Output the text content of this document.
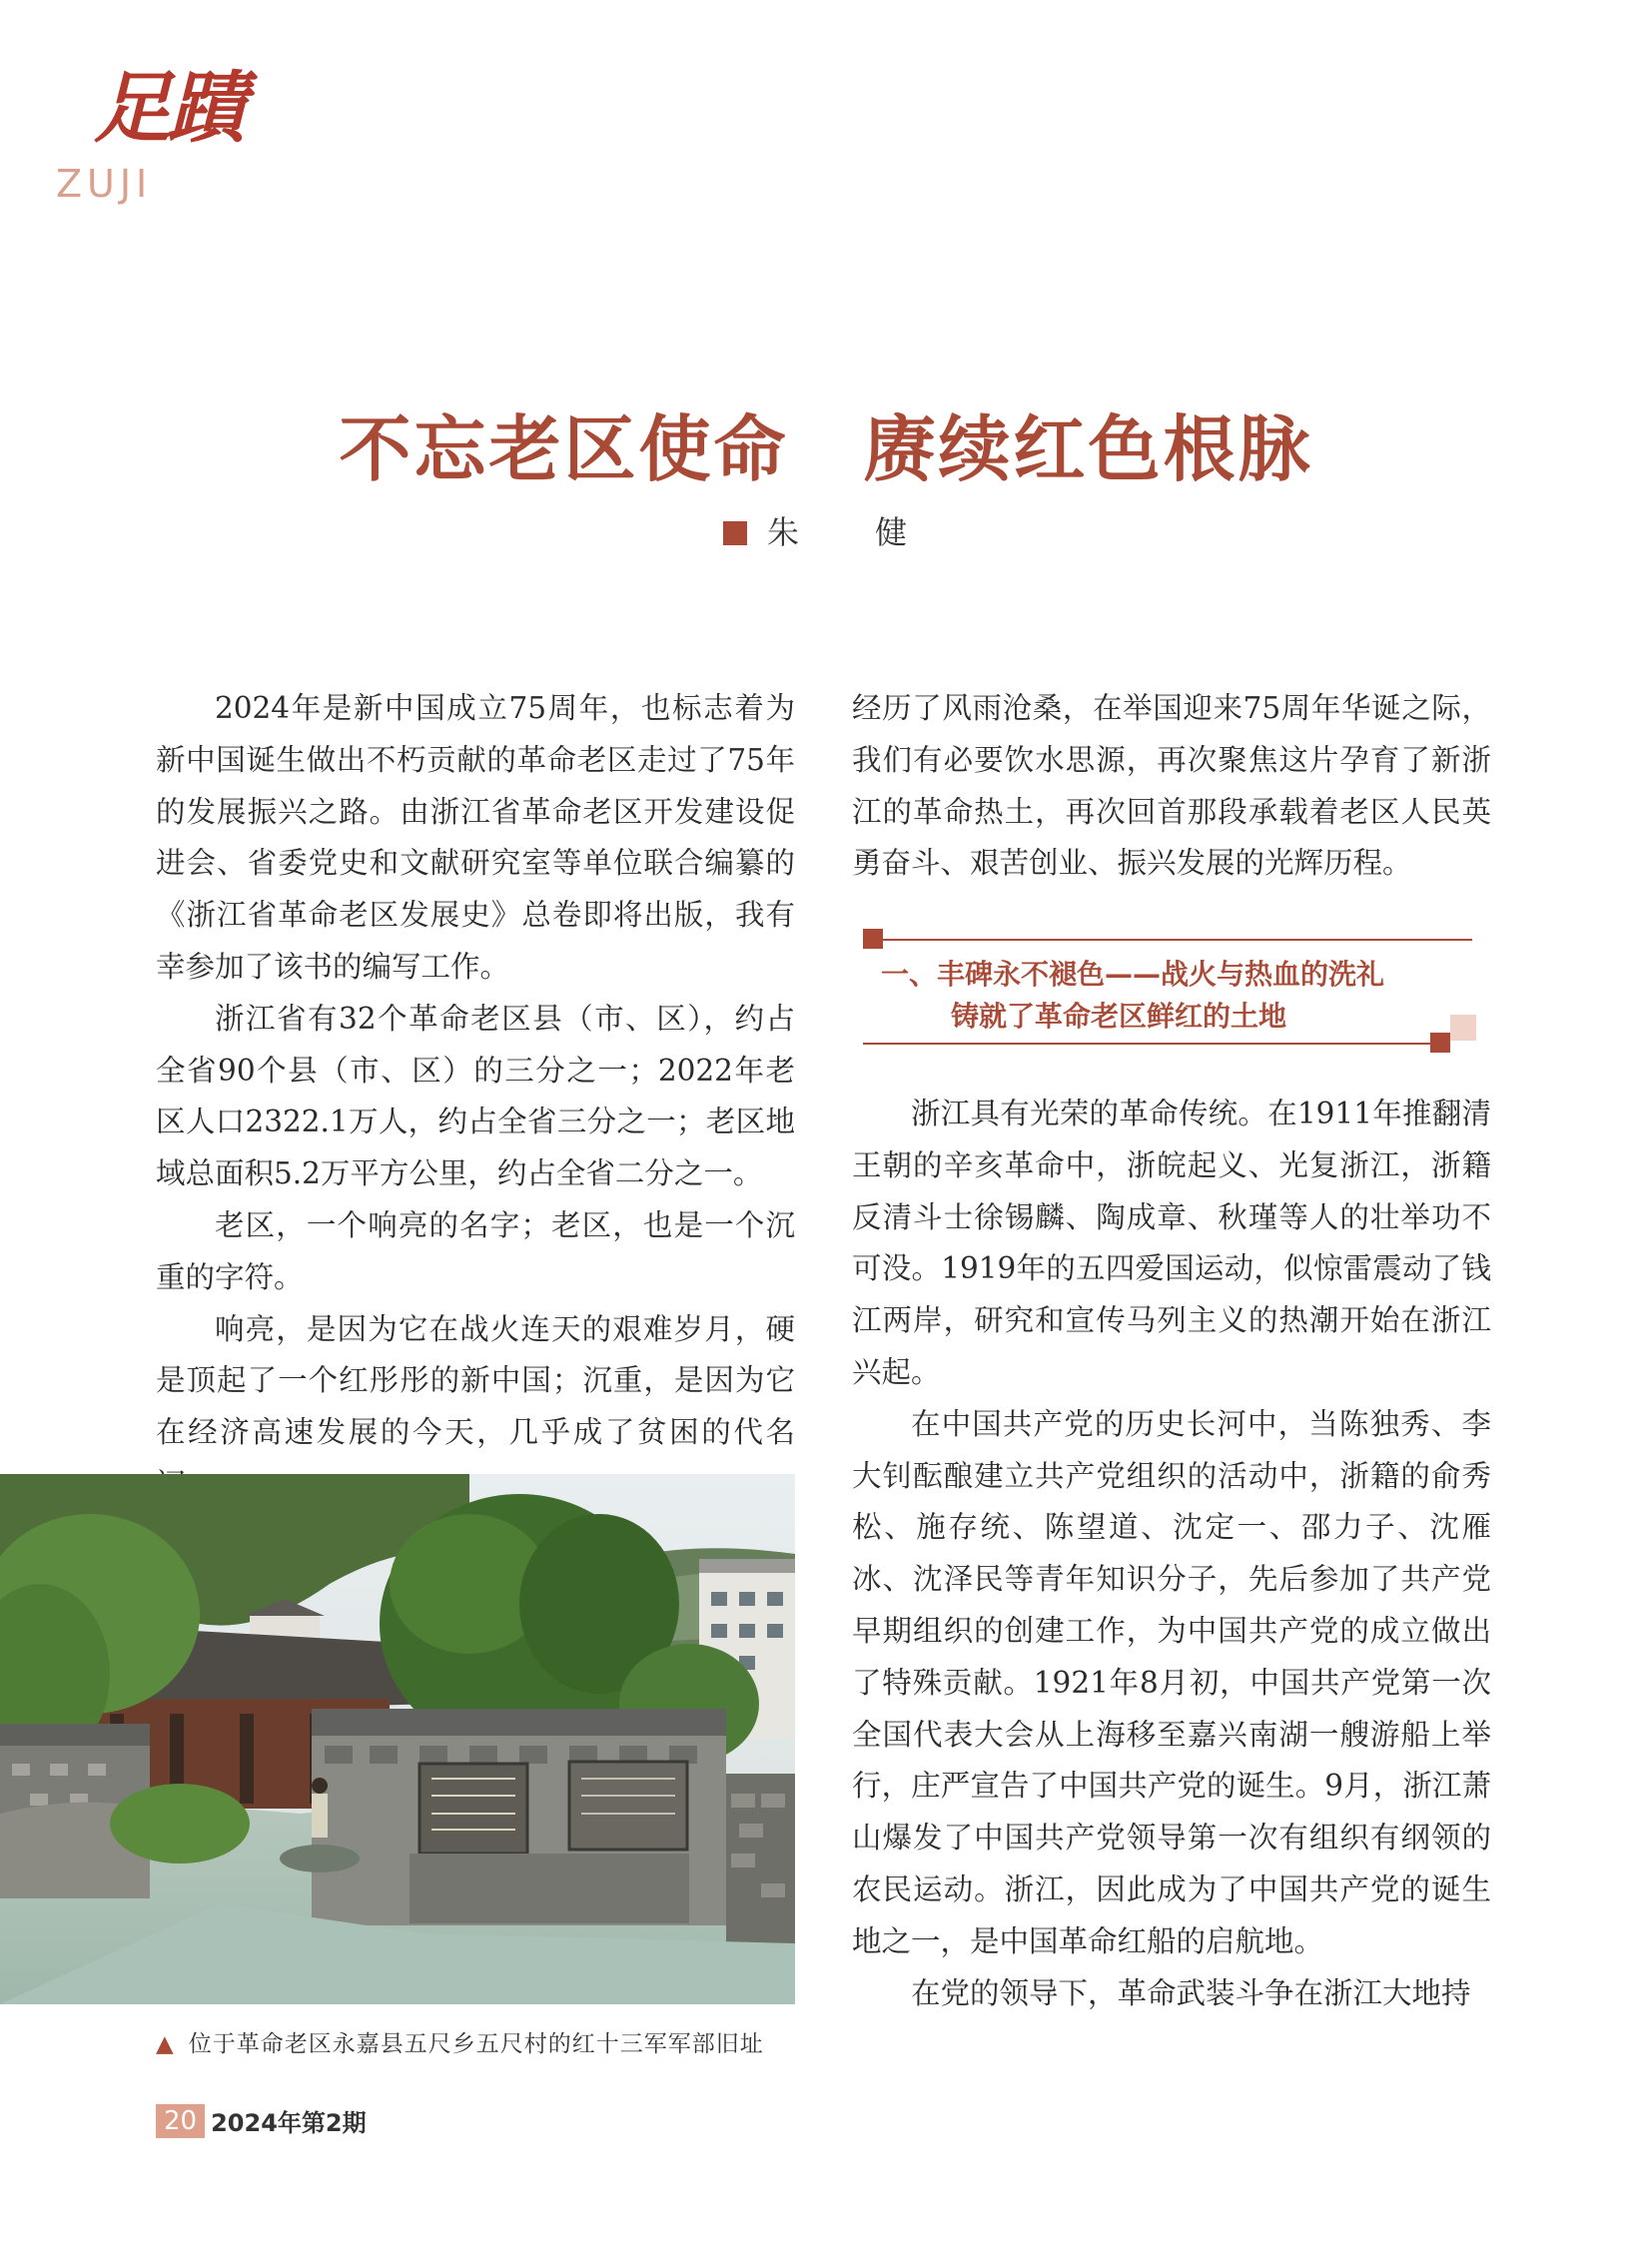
足蹟
ZUJI
不忘老区使命　赓续红色根脉
朱　健

2024年是新中国成立75周年，也标志着为新中国诞生做出不朽贡献的革命老区走过了75年的发展振兴之路。由浙江省革命老区开发建设促进会、省委党史和文献研究室等单位联合编纂的《浙江省革命老区发展史》总卷即将出版，我有幸参加了该书的编写工作。

浙江省有32个革命老区县（市、区），约占全省90个县（市、区）的三分之一；2022年老区人口2322.1万人，约占全省三分之一；老区地域总面积5.2万平方公里，约占全省二分之一。

老区，一个响亮的名字；老区，也是一个沉重的字符。

响亮，是因为它在战火连天的艰难岁月，硬是顶起了一个红彤彤的新中国；沉重，是因为它在经济高速发展的今天，几乎成了贫困的代名

▲ 位于革命老区永嘉县五尺乡五尺村的红十三军军部旧址

经历了风雨沧桑，在举国迎来75周年华诞之际，我们有必要饮水思源，再次聚焦这片孕育了新浙江的革命热土，再次回首那段承载着老区人民英勇奋斗、艰苦创业、振兴发展的光辉历程。

一、丰碑永不褪色——战火与热血的洗礼
铸就了革命老区鲜红的土地

浙江具有光荣的革命传统。在1911年推翻清王朝的辛亥革命中，浙皖起义、光复浙江，浙籍反清斗士徐锡麟、陶成章、秋瑾等人的壮举功不可没。1919年的五四爱国运动，似惊雷震动了钱江两岸，研究和宣传马列主义的热潮开始在浙江兴起。

在中国共产党的历史长河中，当陈独秀、李大钊酝酿建立共产党组织的活动中，浙籍的俞秀松、施存统、陈望道、沈定一、邵力子、沈雁冰、沈泽民等青年知识分子，先后参加了共产党早期组织的创建工作，为中国共产党的成立做出了特殊贡献。1921年8月初，中国共产党第一次全国代表大会从上海移至嘉兴南湖一艘游船上举行，庄严宣告了中国共产党的诞生。9月，浙江萧山爆发了中国共产党领导第一次有组织有纲领的农民运动。浙江，因此成为了中国共产党的诞生地之一，是中国革命红船的启航地。

在党的领导下，革命武装斗争在浙江大地持

20 2024年第2期
